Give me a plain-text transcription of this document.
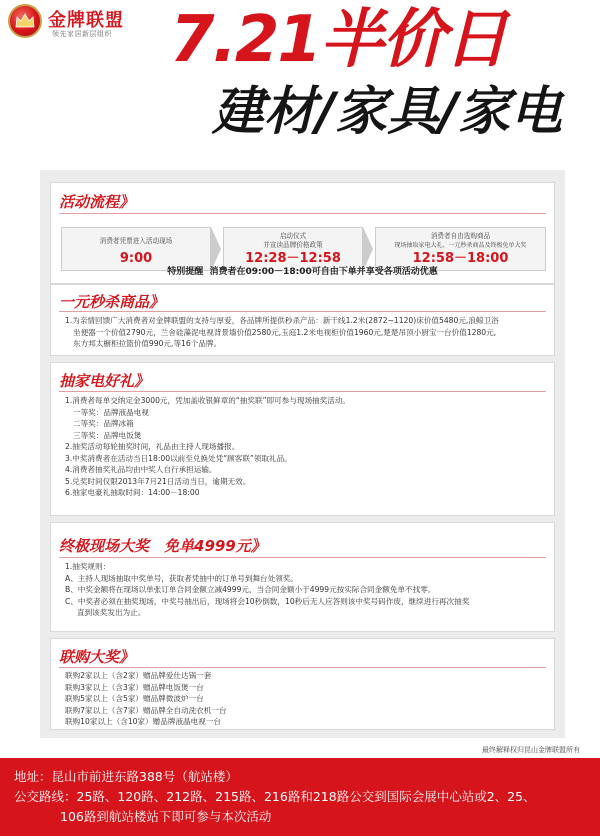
金牌联盟
领先家居新层组织 7.21半价日
建材/家具/家电
活动流程》
消费者凭票进入活动现场
9:00
启动仪式
并宣读品牌价格政策
12:28－12:58
消费者自由选购商品
现场抽取家电大礼、一元秒杀商品及终极免单大奖
12:58－18:00
特别提醒 消费者在09:00－18:00可自由下单并享受各项活动优惠
一元秒杀商品》
1.为亲情回馈广大消费者对金牌联盟的支持与厚爱，各品牌所提供秒杀产品：新干线1.2米(2872~1120)床价值5480元,浪鲸卫浴
坐便器一个价值2790元，兰舍硅藻泥电视背景墙价值2580元,玉庭1.2米电视柜价值1960元,楚楚吊顶小厨宝一台价值1280元,
东方邦太橱柜拉篮价值990元,等16个品牌。
抽家电好礼》
1.消费者每单交纳定金3000元，凭加盖收银鲜章的“抽奖联”即可参与现场抽奖活动。
一等奖：品牌液晶电视
二等奖：品牌冰箱
三等奖：品牌电饭煲
2.抽奖活动每轮抽奖时间，礼品由主持人现场播报。
3.中奖消费者在活动当日18:00以前至兑换处凭“顾客联”领取礼品。
4.消费者抽奖礼品均由中奖人自行承担运输。
5.兑奖时间仅限2013年7月21日活动当日，逾期无效。
6.抽家电豪礼抽取时间：14:00－18:00
终极现场大奖　免单4999元》
1.抽奖规则：
A、主持人现场抽取中奖单号，获取者凭抽中的订单号到舞台处领奖。
B、中奖金额将在现场以单张订单合同金额立减4999元，当合同金额小于4999元按实际合同金额免单不找零。
C、中奖者必须在抽奖现场，中奖号抽出后，现场将会10秒倒数，10秒后无人应答则该中奖号码作废，继续进行再次抽奖
直到该奖发出为止。
联购大奖》
联购2家以上（含2家）赠品牌爱仕达锅一套
联购3家以上（含3家）赠品牌电饭煲一台
联购5家以上（含5家）赠品牌微波炉一台
联购7家以上（含7家）赠品牌全自动洗衣机一台
联购10家以上（含10家）赠品牌液晶电视一台
最终解释权归昆山金牌联盟所有
地址：昆山市前进东路388号（航站楼）
公交路线：25路、120路、212路、215路、216路和218路公交到国际会展中心站或2、25、
106路到航站楼站下即可参与本次活动
